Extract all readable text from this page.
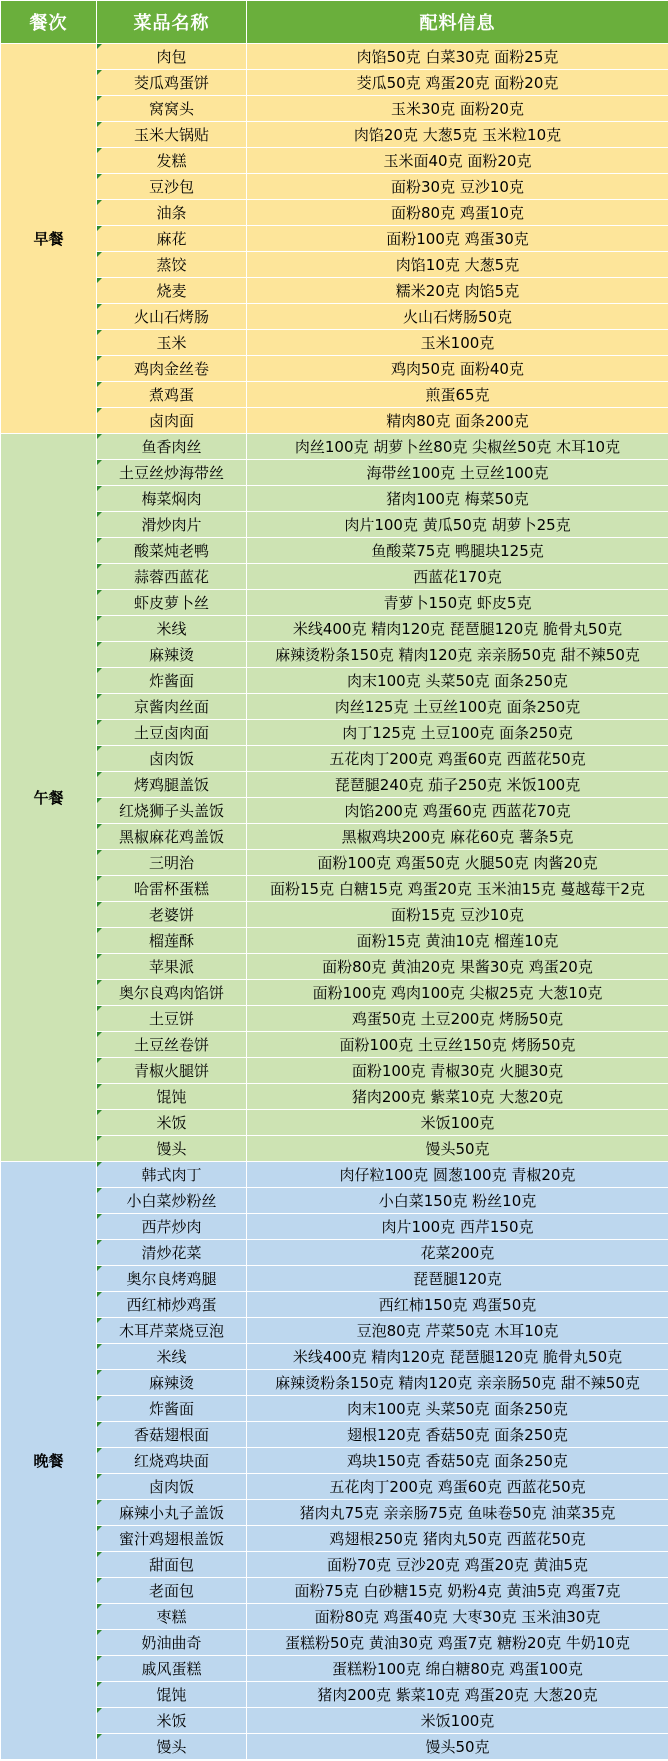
餐次	菜品名称	配料信息
早餐	肉包	肉馅50克 白菜30克 面粉25克
	茭瓜鸡蛋饼	茭瓜50克 鸡蛋20克 面粉20克
	窝窝头	玉米30克 面粉20克
	玉米大锅贴	肉馅20克 大葱5克 玉米粒10克
	发糕	玉米面40克 面粉20克
	豆沙包	面粉30克 豆沙10克
	油条	面粉80克 鸡蛋10克
	麻花	面粉100克 鸡蛋30克
	蒸饺	肉馅10克 大葱5克
	烧麦	糯米20克 肉馅5克
	火山石烤肠	火山石烤肠50克
	玉米	玉米100克
	鸡肉金丝卷	鸡肉50克 面粉40克
	煮鸡蛋	煎蛋65克
	卤肉面	精肉80克 面条200克
午餐	鱼香肉丝	肉丝100克 胡萝卜丝80克 尖椒丝50克 木耳10克
	土豆丝炒海带丝	海带丝100克 土豆丝100克
	梅菜焖肉	猪肉100克 梅菜50克
	滑炒肉片	肉片100克 黄瓜50克 胡萝卜25克
	酸菜炖老鸭	鱼酸菜75克 鸭腿块125克
	蒜蓉西蓝花	西蓝花170克
	虾皮萝卜丝	青萝卜150克 虾皮5克
	米线	米线400克 精肉120克 琵琶腿120克 脆骨丸50克
	麻辣烫	麻辣烫粉条150克 精肉120克 亲亲肠50克 甜不辣50克
	炸酱面	肉末100克 头菜50克 面条250克
	京酱肉丝面	肉丝125克 土豆丝100克 面条250克
	土豆卤肉面	肉丁125克 土豆100克 面条250克
	卤肉饭	五花肉丁200克 鸡蛋60克 西蓝花50克
	烤鸡腿盖饭	琵琶腿240克 茄子250克 米饭100克
	红烧狮子头盖饭	肉馅200克 鸡蛋60克 西蓝花70克
	黑椒麻花鸡盖饭	黑椒鸡块200克 麻花60克 薯条5克
	三明治	面粉100克 鸡蛋50克 火腿50克 肉酱20克
	哈雷杯蛋糕	面粉15克 白糖15克 鸡蛋20克 玉米油15克 蔓越莓干2克
	老婆饼	面粉15克 豆沙10克
	榴莲酥	面粉15克 黄油10克 榴莲10克
	苹果派	面粉80克 黄油20克 果酱30克 鸡蛋20克
	奥尔良鸡肉馅饼	面粉100克 鸡肉100克 尖椒25克 大葱10克
	土豆饼	鸡蛋50克 土豆200克 烤肠50克
	土豆丝卷饼	面粉100克 土豆丝150克 烤肠50克
	青椒火腿饼	面粉100克 青椒30克 火腿30克
	馄饨	猪肉200克 紫菜10克 大葱20克
	米饭	米饭100克
	馒头	馒头50克
晚餐	韩式肉丁	肉仔粒100克 圆葱100克 青椒20克
	小白菜炒粉丝	小白菜150克 粉丝10克
	西芹炒肉	肉片100克 西芹150克
	清炒花菜	花菜200克
	奥尔良烤鸡腿	琵琶腿120克
	西红柿炒鸡蛋	西红柿150克 鸡蛋50克
	木耳芹菜烧豆泡	豆泡80克 芹菜50克 木耳10克
	米线	米线400克 精肉120克 琵琶腿120克 脆骨丸50克
	麻辣烫	麻辣烫粉条150克 精肉120克 亲亲肠50克 甜不辣50克
	炸酱面	肉末100克 头菜50克 面条250克
	香菇翅根面	翅根120克 香菇50克 面条250克
	红烧鸡块面	鸡块150克 香菇50克 面条250克
	卤肉饭	五花肉丁200克 鸡蛋60克 西蓝花50克
	麻辣小丸子盖饭	猪肉丸75克 亲亲肠75克 鱼味卷50克 油菜35克
	蜜汁鸡翅根盖饭	鸡翅根250克 猪肉丸50克 西蓝花50克
	甜面包	面粉70克 豆沙20克 鸡蛋20克 黄油5克
	老面包	面粉75克 白砂糖15克 奶粉4克 黄油5克 鸡蛋7克
	枣糕	面粉80克 鸡蛋40克 大枣30克 玉米油30克
	奶油曲奇	蛋糕粉50克 黄油30克 鸡蛋7克 糖粉20克 牛奶10克
	戚风蛋糕	蛋糕粉100克 绵白糖80克 鸡蛋100克
	馄饨	猪肉200克 紫菜10克 鸡蛋20克 大葱20克
	米饭	米饭100克
	馒头	馒头50克
